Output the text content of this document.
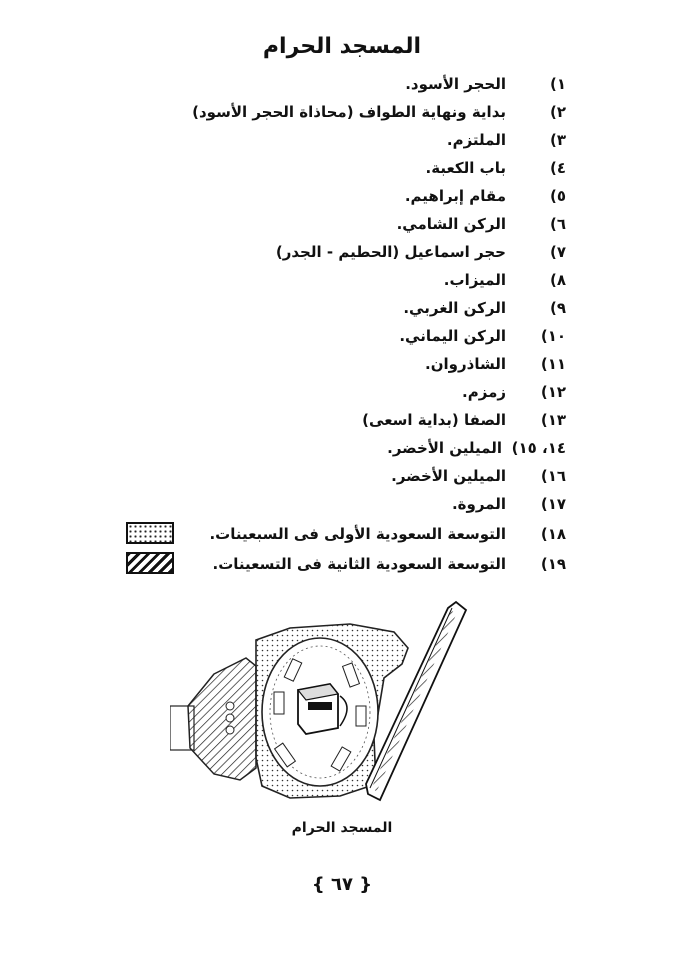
المسجد الحرام
١)
الحجر الأسود.
٢)
بداية ونهاية الطواف (محاذاة الحجر الأسود)
٣)
الملتزم.
٤)
باب الكعبة.
٥)
مقام إبراهيم.
٦)
الركن الشامي.
٧)
حجر اسماعيل (الحطيم - الجدر)
٨)
الميزاب.
٩)
الركن الغربي.
١٠)
الركن اليماني.
١١)
الشاذروان.
١٢)
زمزم.
١٣)
الصفا (بداية اسعى)
١٤، ١٥)
الميلين الأخضر.
١٦)
الميلين الأخضر.
١٧)
المروة.
١٨)
التوسعة السعودية الأولى فى السبعينات.
١٩)
التوسعة السعودية الثانية فى التسعينات.
المسجد الحرام
{ ٦٧ }
